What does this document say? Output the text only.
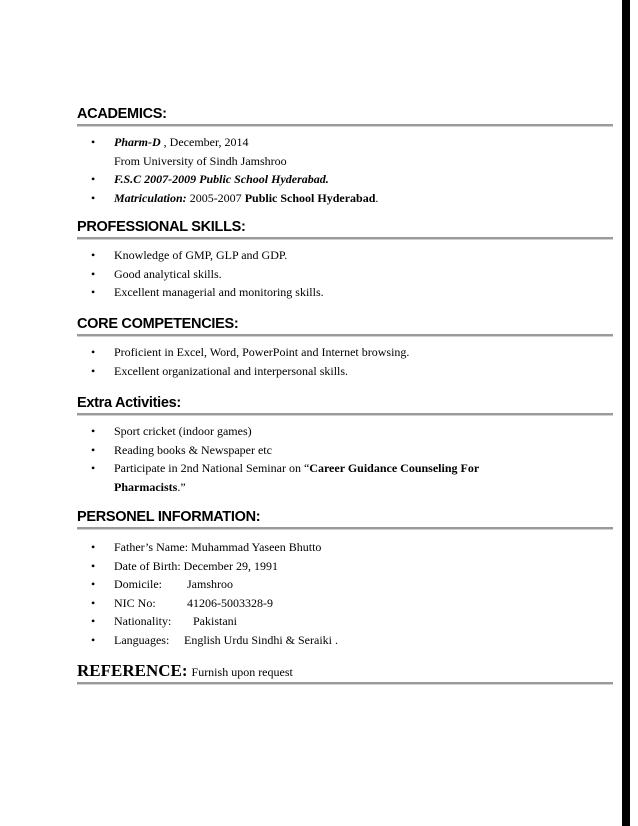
ACADEMICS:
• Pharm-D , December, 2014
From University of Sindh Jamshroo
• F.S.C 2007-2009 Public School Hyderabad.
• Matriculation: 2005-2007 Public School Hyderabad.
PROFESSIONAL SKILLS:
• Knowledge of GMP, GLP and GDP.
• Good analytical skills.
• Excellent managerial and monitoring skills.
CORE COMPETENCIES:
• Proficient in Excel, Word, PowerPoint and Internet browsing.
• Excellent organizational and interpersonal skills.
Extra Activities:
• Sport cricket (indoor games)
• Reading books & Newspaper etc
• Participate in 2nd National Seminar on “Career Guidance Counseling For
Pharmacists.”
PERSONEL INFORMATION:
• Father’s Name: Muhammad Yaseen Bhutto
• Date of Birth: December 29, 1991
• Domicile: Jamshroo
• NIC No:	41206-5003328-9
• Nationality: Pakistani
• Languages: English Urdu Sindhi & Seraiki .
REFERENCE: Furnish upon request
